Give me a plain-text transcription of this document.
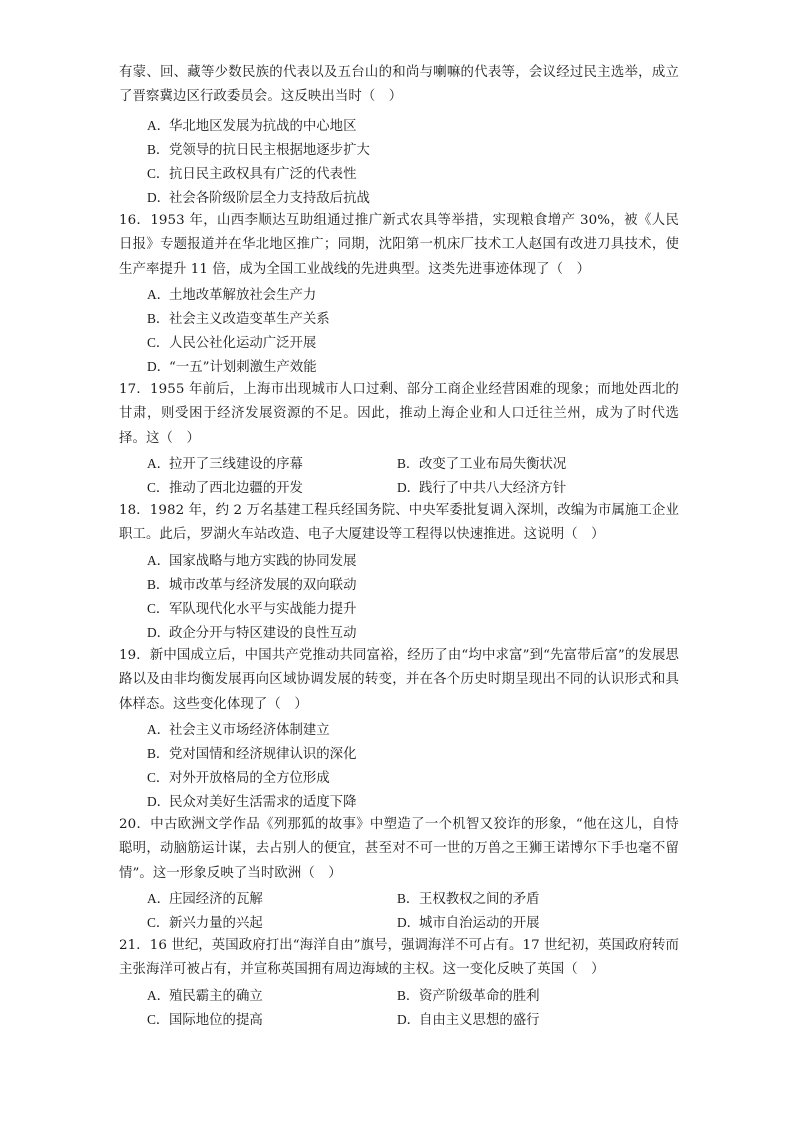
有蒙、回、藏等少数民族的代表以及五台山的和尚与喇嘛的代表等，会议经过民主选举，成立了晋察冀边区行政委员会。这反映出当时（　）

A．华北地区发展为抗战的中心地区

B．党领导的抗日民主根据地逐步扩大

C．抗日民主政权具有广泛的代表性

D．社会各阶级阶层全力支持敌后抗战

16．1953 年，山西李顺达互助组通过推广新式农具等举措，实现粮食增产 30%，被《人民日报》专题报道并在华北地区推广；同期，沈阳第一机床厂技术工人赵国有改进刀具技术，使生产率提升 11 倍，成为全国工业战线的先进典型。这类先进事迹体现了（　）

A．土地改革解放社会生产力

B．社会主义改造变革生产关系

C．人民公社化运动广泛开展

D．“一五”计划刺激生产效能

17．1955 年前后，上海市出现城市人口过剩、部分工商企业经营困难的现象；而地处西北的甘肃，则受困于经济发展资源的不足。因此，推动上海企业和人口迁往兰州，成为了时代选择。这（　）

A．拉开了三线建设的序幕	B．改变了工业布局失衡状况

C．推动了西北边疆的开发	D．践行了中共八大经济方针

18．1982 年，约 2 万名基建工程兵经国务院、中央军委批复调入深圳，改编为市属施工企业职工。此后，罗湖火车站改造、电子大厦建设等工程得以快速推进。这说明（　）

A．国家战略与地方实践的协同发展

B．城市改革与经济发展的双向联动

C．军队现代化水平与实战能力提升

D．政企分开与特区建设的良性互动

19．新中国成立后，中国共产党推动共同富裕，经历了由“均中求富”到“先富带后富”的发展思路以及由非均衡发展再向区域协调发展的转变，并在各个历史时期呈现出不同的认识形式和具体样态。这些变化体现了（　）

A．社会主义市场经济体制建立

B．党对国情和经济规律认识的深化

C．对外开放格局的全方位形成

D．民众对美好生活需求的适度下降

20．中古欧洲文学作品《列那狐的故事》中塑造了一个机智又狡诈的形象，“他在这儿，自恃聪明，动脑筋运计谋，去占别人的便宜，甚至对不可一世的万兽之王狮王诺博尔下手也毫不留情”。这一形象反映了当时欧洲（　）

A．庄园经济的瓦解	B．王权教权之间的矛盾

C．新兴力量的兴起	D．城市自治运动的开展

21．16 世纪，英国政府打出“海洋自由”旗号，强调海洋不可占有。17 世纪初，英国政府转而主张海洋可被占有，并宣称英国拥有周边海域的主权。这一变化反映了英国（　）

A．殖民霸主的确立	B．资产阶级革命的胜利

C．国际地位的提高	D．自由主义思想的盛行
